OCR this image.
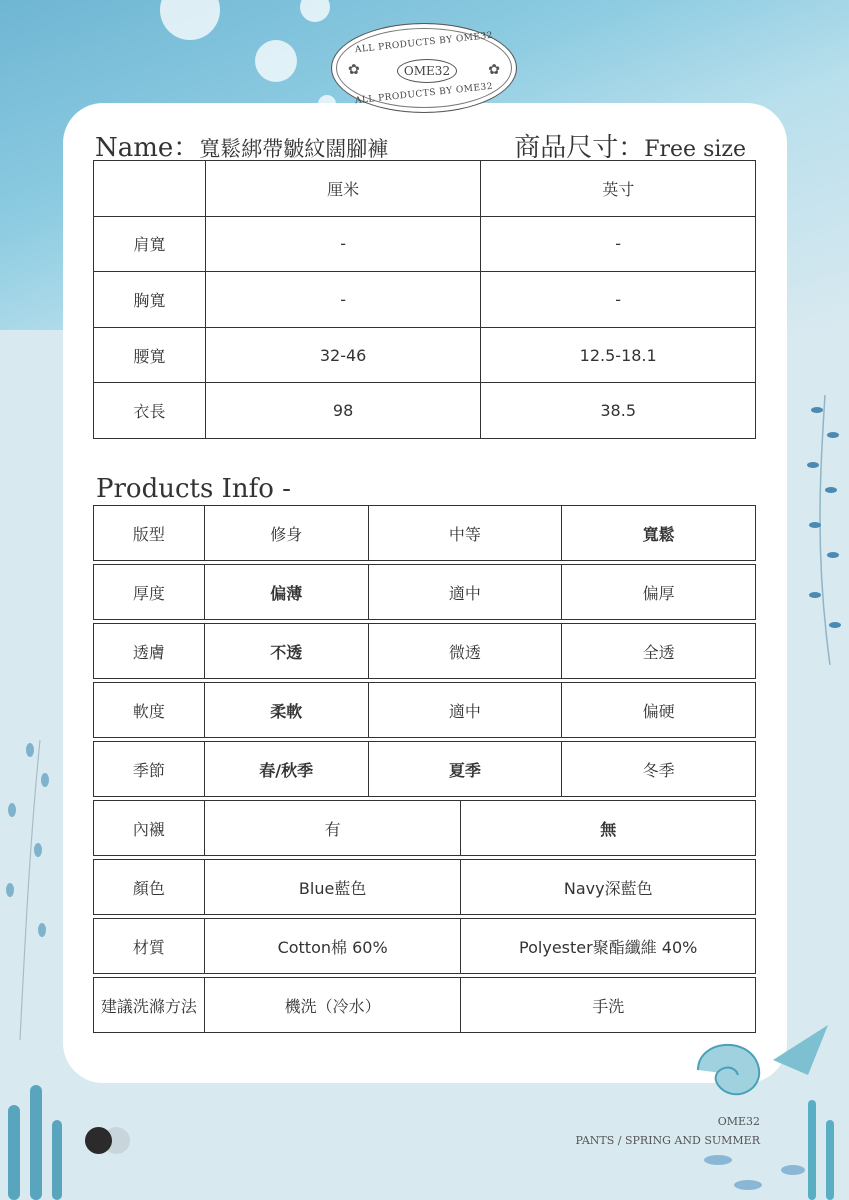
ALL PRODUCTS BY OME32
✿	OME32	✿
ALL PRODUCTS BY OME32
Name：寬鬆綁帶皺紋闊腳褲	商品尺寸：Free size
	厘米	英寸
肩寬	-	-
胸寬	-	-
腰寬	32-46	12.5-18.1
衣長	98	38.5
Products Info -
版型	修身	中等	寬鬆
厚度	偏薄	適中	偏厚
透膚	不透	微透	全透
軟度	柔軟	適中	偏硬
季節	春/秋季	夏季	冬季
內襯	有	無
顏色	Blue藍色	Navy深藍色
材質	Cotton棉 60%	Polyester聚酯纖維 40%
建議洗滌方法	機洗（冷水）	手洗
OME32
PANTS / SPRING AND SUMMER
